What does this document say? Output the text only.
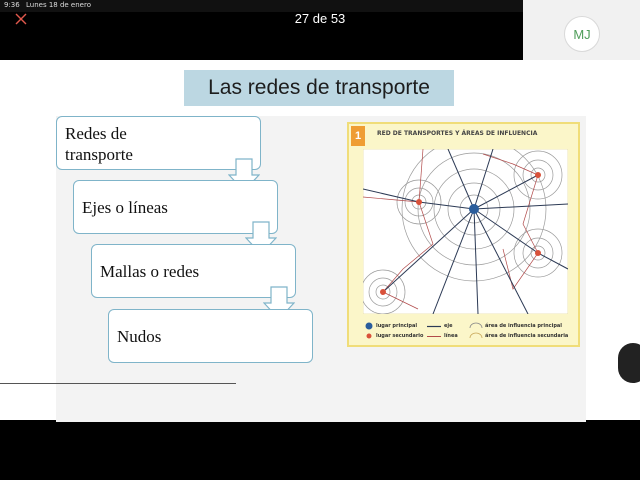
9:36 Lunes 18 de enero
27 de 53
MJ
Las redes de transporte
Redes de
transporte
Ejes o líneas
Mallas o redes
Nudos
1	RED DE TRANSPORTES Y ÁREAS DE INFLUENCIA
lugar principal
lugar secundario
eje
línea
área de influencia principal
área de influencia secundaria
